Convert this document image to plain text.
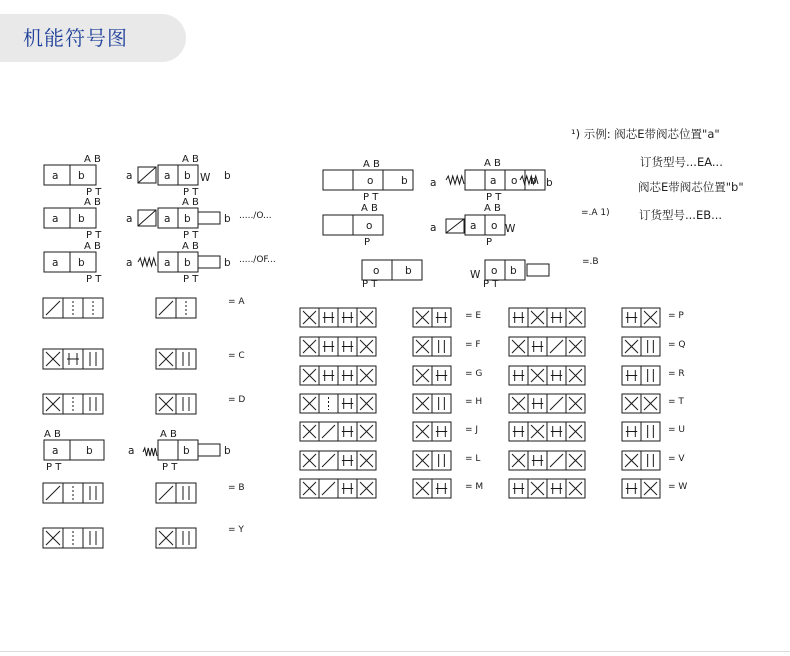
机能符号图
a b
A B
P T
a b
A B
P T
a b
A B
P T
a	a b W
A B
P T
b
a	a b
A B
P T
b
a	a b
A B
P T
b
...../O...
...../OF...
o	b
A B
P T
a	a o b b
A B
P T
o
A B
P
a	a o W
A B
P
=.A 1)
o b
P T
W o b
P T
=.B
= A
= C
= D
a	b
A B
P T
a	b
A B
P T
b
= B
= Y
= E
= F
= G
= H
= J
= L
= M
= P
= Q
= R
= T
= U
= V
= W
¹) 示例: 阀芯E带阀芯位置"a"
订货型号...EA...
阀芯E带阀芯位置"b"
订货型号...EB...
